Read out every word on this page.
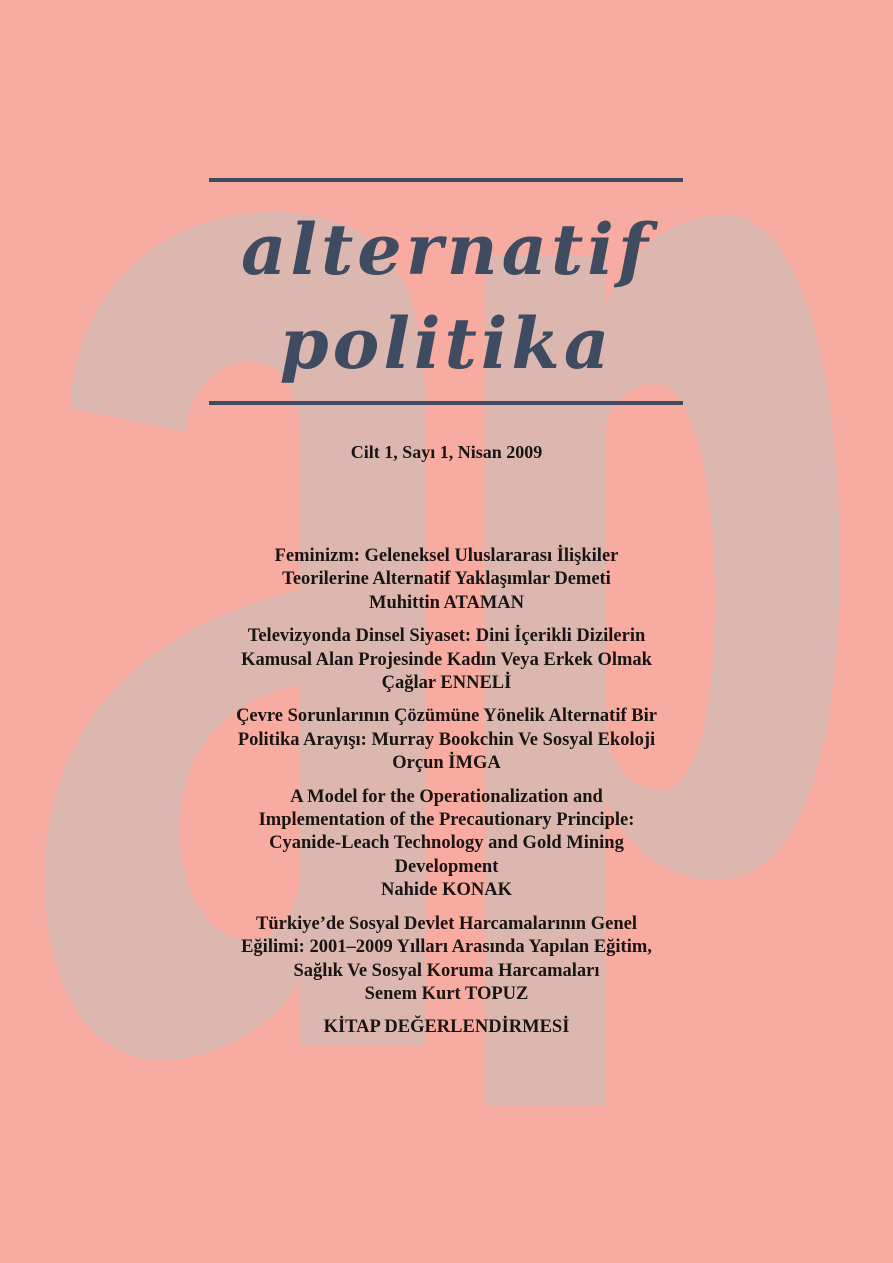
alternatif
politika
Cilt 1, Sayı 1, Nisan 2009
Feminizm: Geleneksel Uluslararası İlişkiler
Teorilerine Alternatif Yaklaşımlar Demeti
Muhittin ATAMAN
Televizyonda Dinsel Siyaset: Dini İçerikli Dizilerin
Kamusal Alan Projesinde Kadın Veya Erkek Olmak
Çağlar ENNELİ
Çevre Sorunlarının Çözümüne Yönelik Alternatif Bir
Politika Arayışı: Murray Bookchin Ve Sosyal Ekoloji
Orçun İMGA
A Model for the Operationalization and
Implementation of the Precautionary Principle:
Cyanide-Leach Technology and Gold Mining
Development
Nahide KONAK
Türkiye’de Sosyal Devlet Harcamalarının Genel
Eğilimi: 2001–2009 Yılları Arasında Yapılan Eğitim,
Sağlık Ve Sosyal Koruma Harcamaları
Senem Kurt TOPUZ
KİTAP DEĞERLENDİRMESİ
